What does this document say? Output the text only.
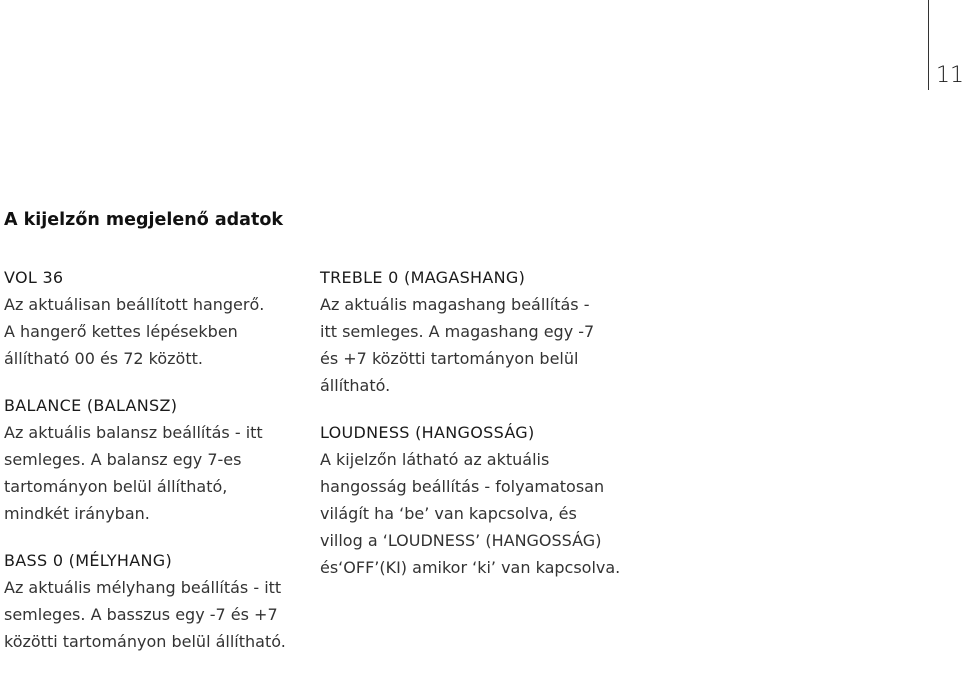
11
A kijelzőn megjelenő adatok

VOL 36

Az aktuálisan beállított hangerő.
A hangerő kettes lépésekben
állítható 00 és 72 között.

BALANCE (BALANSZ)

Az aktuális balansz beállítás - itt
semleges. A balansz egy 7-es
tartományon belül állítható,
mindkét irányban.

BASS 0 (MÉLYHANG)

Az aktuális mélyhang beállítás - itt
semleges. A basszus egy -7 és +7
közötti tartományon belül állítható.

TREBLE 0 (MAGASHANG)

Az aktuális magashang beállítás -
itt semleges. A magashang egy -7
és +7 közötti tartományon belül
állítható.

LOUDNESS (HANGOSSÁG)

A kijelzőn látható az aktuális
hangosság beállítás - folyamatosan
világít ha ‘be’ van kapcsolva, és
villog a ‘LOUDNESS’ (HANGOSSÁG)
és‘OFF’(KI) amikor ‘ki’ van kapcsolva.
